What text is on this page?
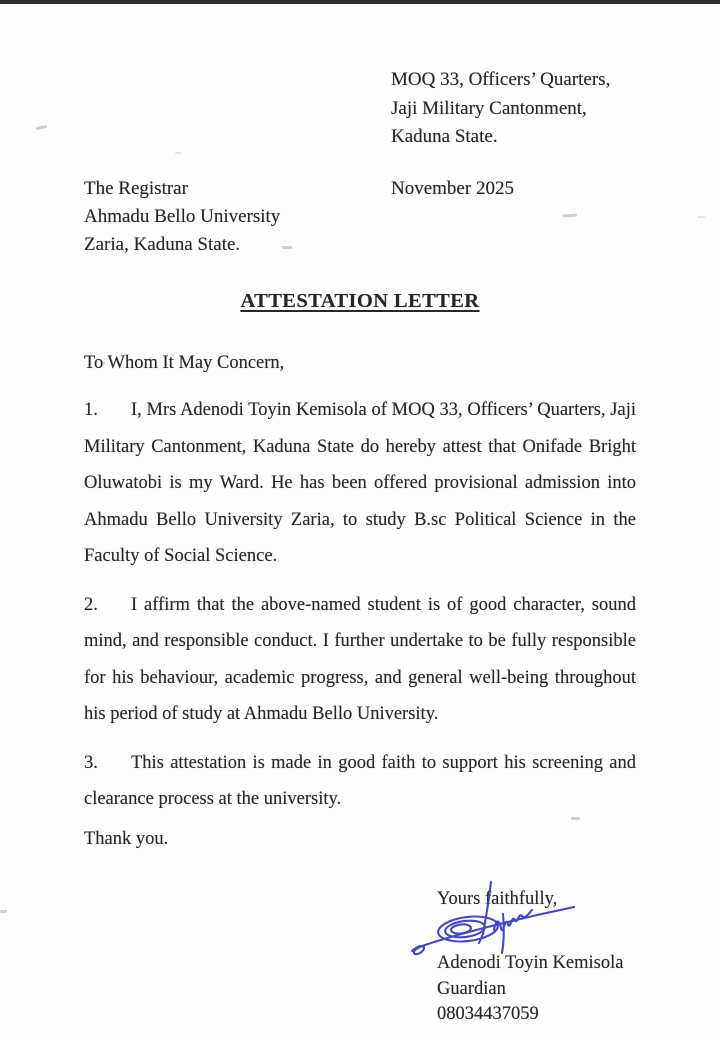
MOQ 33, Officers’ Quarters,
Jaji Military Cantonment,
Kaduna State.
The Registrar
Ahmadu Bello University
Zaria, Kaduna State.
November 2025
ATTESTATION LETTER

To Whom It May Concern,

1. I, Mrs Adenodi Toyin Kemisola of MOQ 33, Officers’ Quarters, Jaji Military Cantonment, Kaduna State do hereby attest that Onifade Bright Oluwatobi is my Ward. He has been offered provisional admission into Ahmadu Bello University Zaria, to study B.sc Political Science in the Faculty of Social Science.

2. I affirm that the above-named student is of good character, sound mind, and responsible conduct. I further undertake to be fully responsible for his behaviour, academic progress, and general well-being throughout his period of study at Ahmadu Bello University.

3. This attestation is made in good faith to support his screening and clearance process at the university.

Thank you.

Yours faithfully,
Adenodi Toyin Kemisola
Guardian
08034437059
